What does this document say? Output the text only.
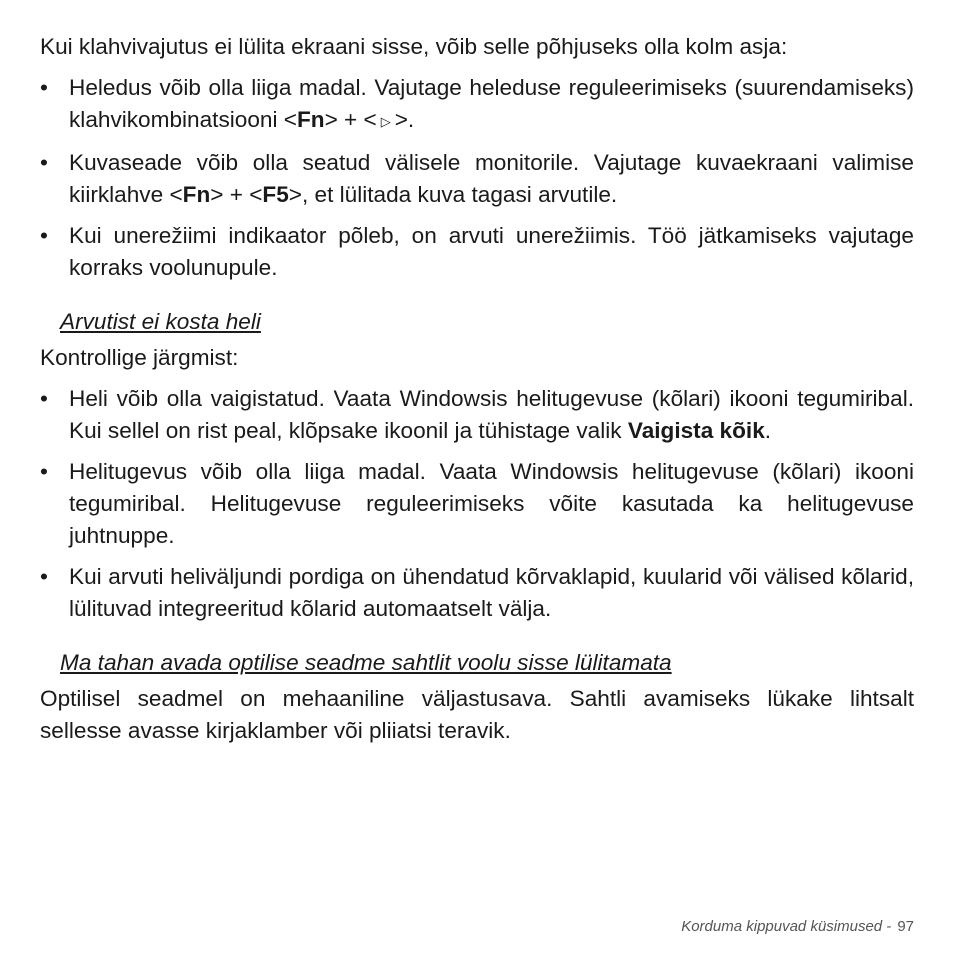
Kui klahvivajutus ei lülita ekraani sisse, võib selle põhjuseks olla kolm asja:

• Heledus võib olla liiga madal. Vajutage heleduse reguleerimiseks (suurendamiseks) klahvikombinatsiooni <Fn> + < ▷ >.
• Kuvaseade võib olla seatud välisele monitorile. Vajutage kuvaekraani valimise kiirklahve <Fn> + <F5>, et lülitada kuva tagasi arvutile.
• Kui unerežiimi indikaator põleb, on arvuti unerežiimis. Töö jätkamiseks vajutage korraks voolunupule.

Arvutist ei kosta heli

Kontrollige järgmist:

• Heli võib olla vaigistatud. Vaata Windowsis helitugevuse (kõlari) ikooni tegumiribal. Kui sellel on rist peal, klõpsake ikoonil ja tühistage valik Vaigista kõik.
• Helitugevus võib olla liiga madal. Vaata Windowsis helitugevuse (kõlari) ikooni tegumiribal. Helitugevuse reguleerimiseks võite kasutada ka helitugevuse juhtnuppe.
• Kui arvuti heliväljundi pordiga on ühendatud kõrvaklapid, kuularid või välised kõlarid, lülituvad integreeritud kõlarid automaatselt välja.

Ma tahan avada optilise seadme sahtlit voolu sisse lülitamata

Optilisel seadmel on mehaaniline väljastusava. Sahtli avamiseks lükake lihtsalt sellesse avasse kirjaklamber või pliiatsi teravik.

Korduma kippuvad küsimused - 97
